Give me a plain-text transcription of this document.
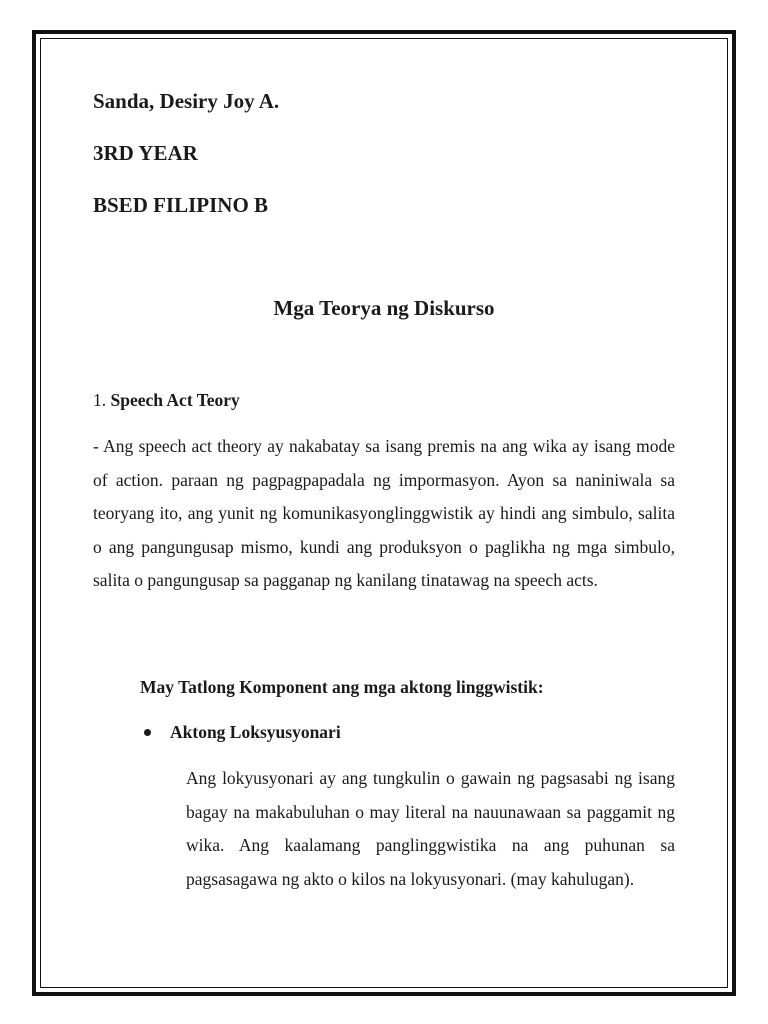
Sanda, Desiry Joy A.
3RD YEAR
BSED FILIPINO B
Mga Teorya ng Diskurso
1. Speech Act Teory

- Ang speech act theory ay nakabatay sa isang premis na ang wika ay isang mode of action. paraan ng pagpagpapadala ng impormasyon. Ayon sa naniniwala sa teoryang ito, ang yunit ng komunikasyonglinggwistik ay hindi ang simbulo, salita o ang pangungusap mismo, kundi ang produksyon o paglikha ng mga simbulo, salita o pangungusap sa pagganap ng kanilang tinatawag na speech acts.

May Tatlong Komponent ang mga aktong linggwistik:
Aktong Loksyusyonari

Ang lokyusyonari ay ang tungkulin o gawain ng pagsasabi ng isang bagay na makabuluhan o may literal na nauunawaan sa paggamit ng wika. Ang kaalamang panglinggwistika na ang puhunan sa pagsasagawa ng akto o kilos na lokyusyonari. (may kahulugan).
